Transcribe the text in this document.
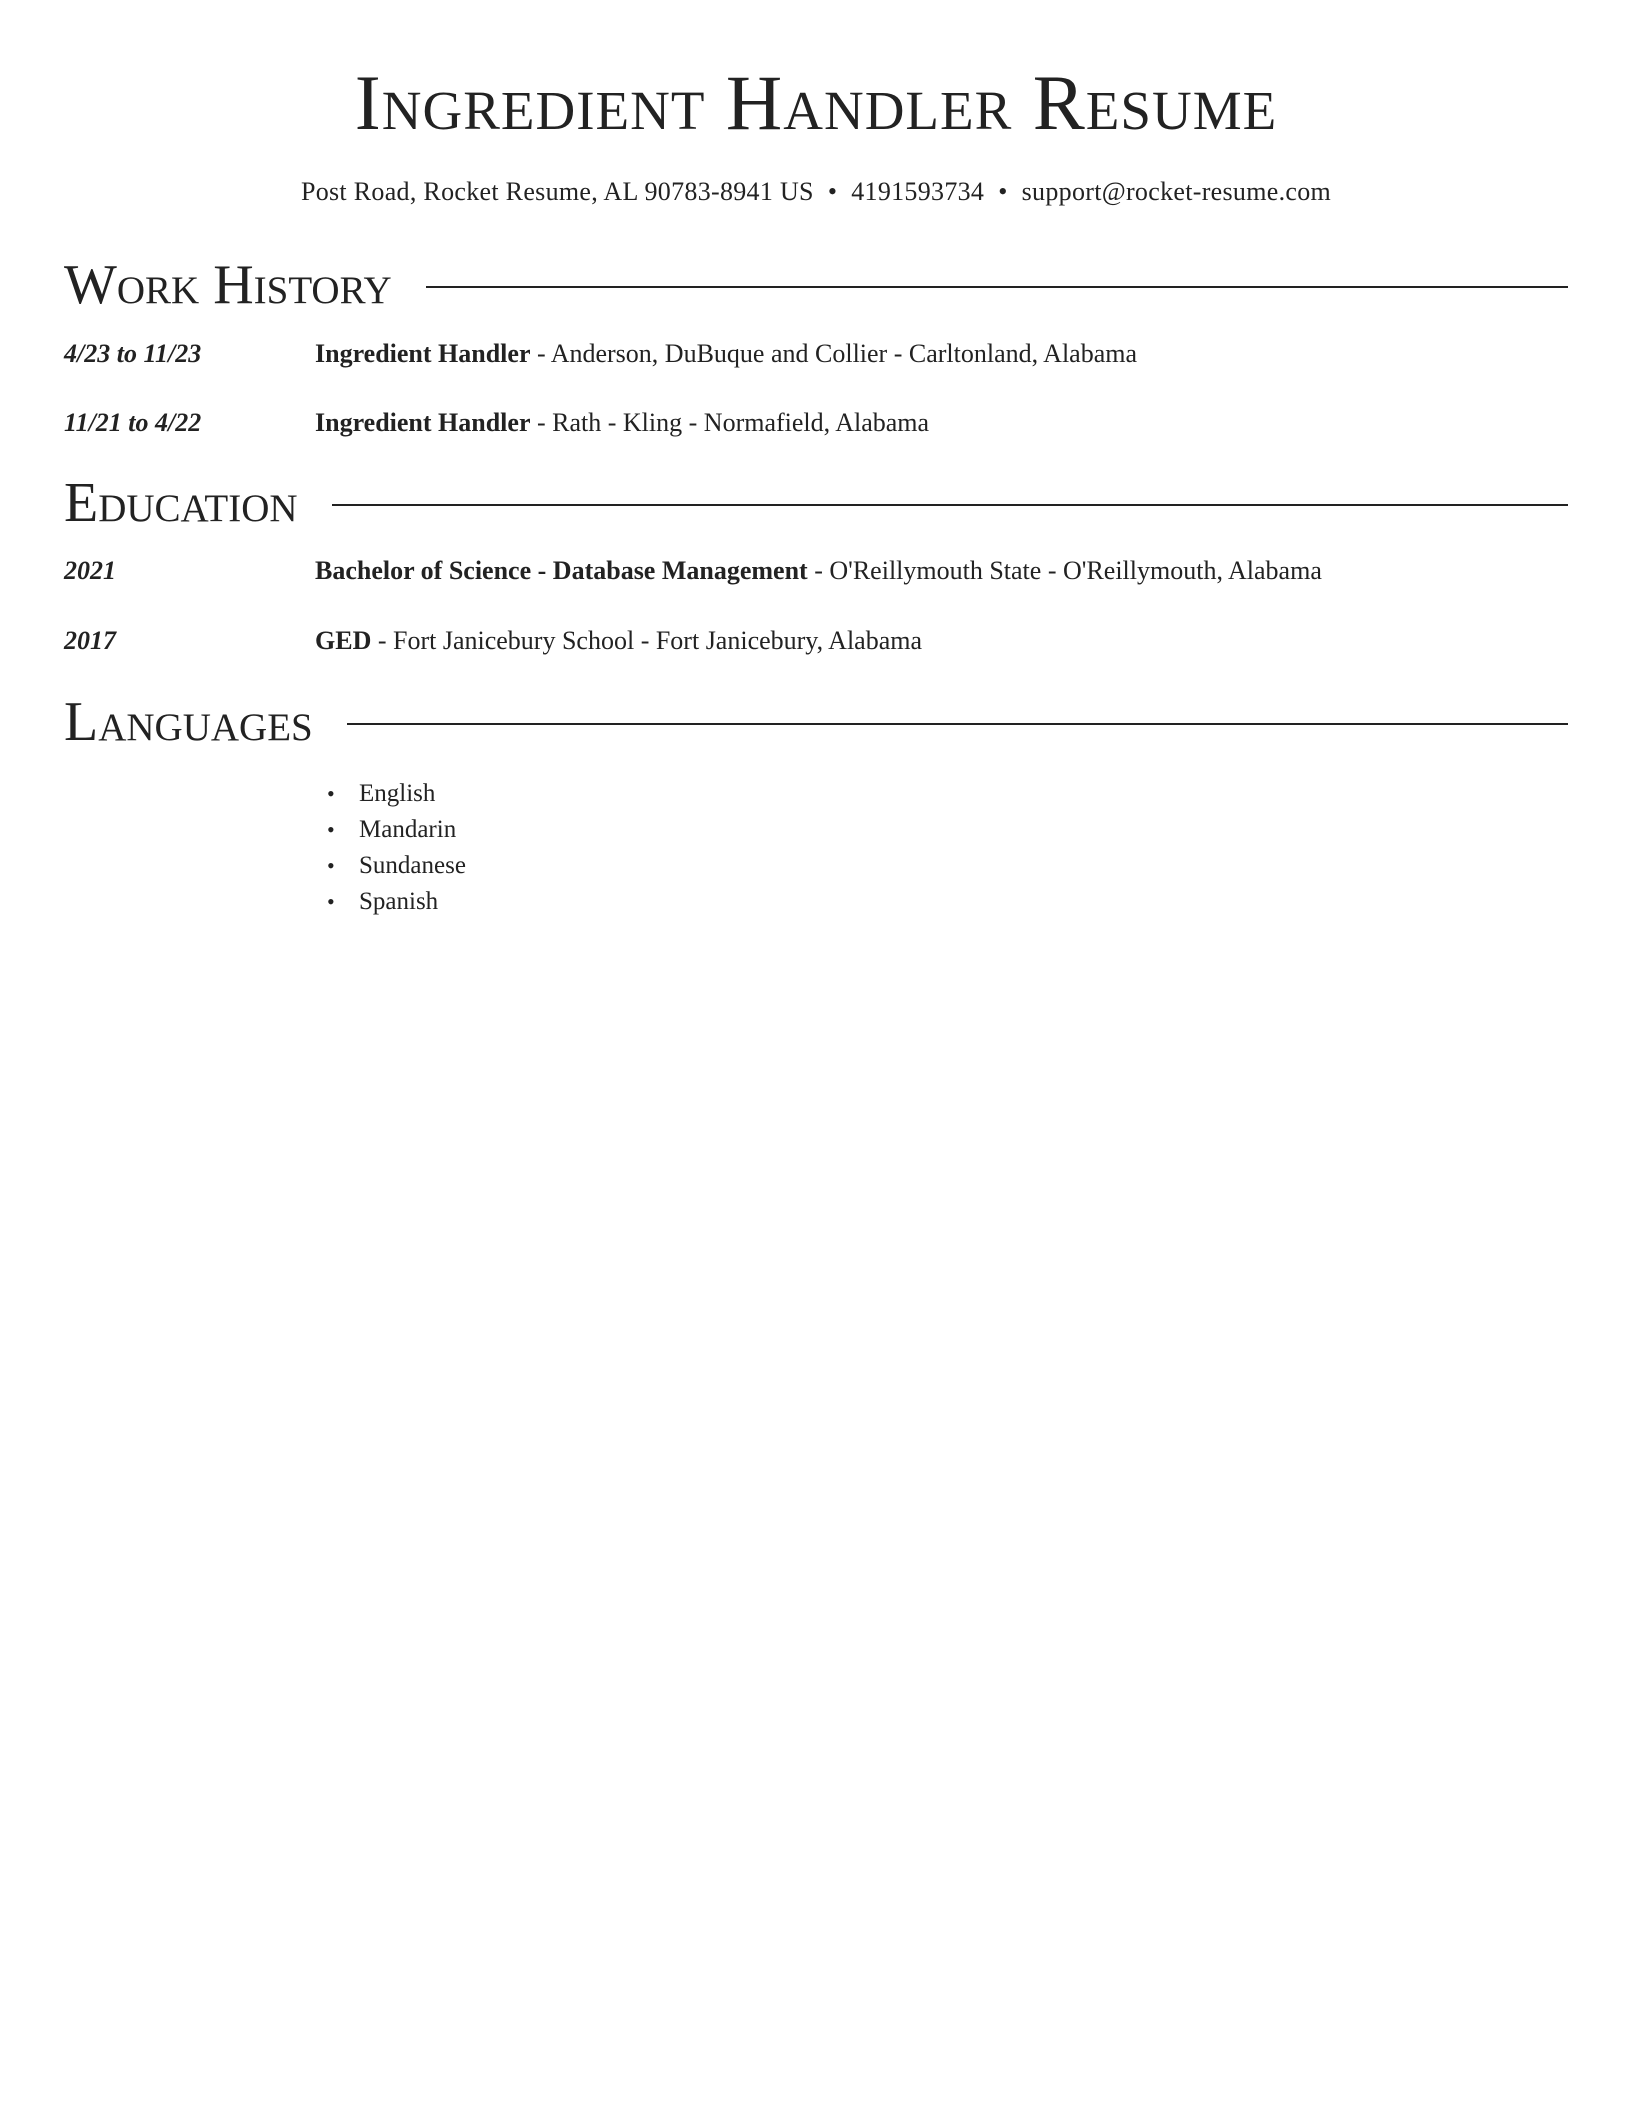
Ingredient Handler Resume
Post Road, Rocket Resume, AL 90783-8941 US • 4191593734 • support@rocket-resume.com
Work History
4/23 to 11/23	Ingredient Handler - Anderson, DuBuque and Collier - Carltonland, Alabama
11/21 to 4/22	Ingredient Handler - Rath - Kling - Normafield, Alabama
Education
2021	Bachelor of Science - Database Management - O'Reillymouth State - O'Reillymouth, Alabama
2017	GED - Fort Janicebury School - Fort Janicebury, Alabama
Languages
• English
• Mandarin
• Sundanese
• Spanish
